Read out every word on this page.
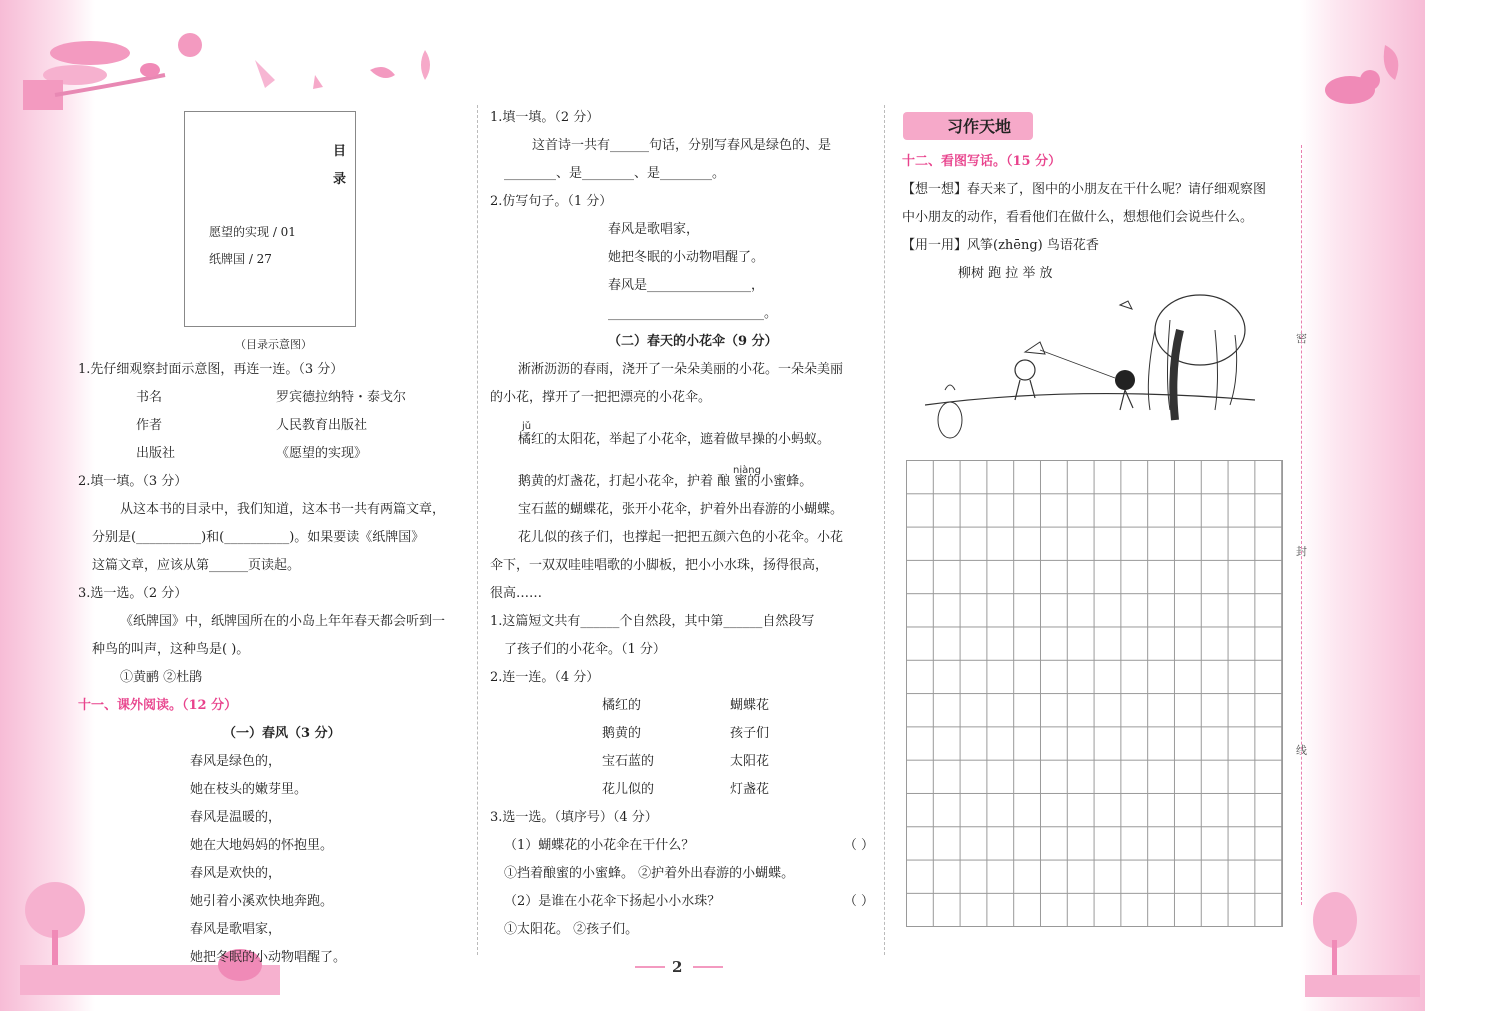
目
录
愿望的实现 / 01
纸牌国 / 27
（目录示意图）
1.先仔细观察封面示意图，再连一连。（3 分）
书名	罗宾德拉纳特・泰戈尔
作者	人民教育出版社
出版社	《愿望的实现》
2.填一填。（3 分）
从这本书的目录中，我们知道，这本书一共有两篇文章，
分别是(__________)和(__________)。如果要读《纸牌国》
这篇文章，应该从第______页读起。
3.选一选。（2 分）
《纸牌国》中，纸牌国所在的小岛上年年春天都会听到一
种鸟的叫声，这种鸟是( )。
①黄鹂 ②杜鹃
十一、课外阅读。（12 分）
（一）春风（3 分）
春风是绿色的，
她在枝头的嫩芽里。
春风是温暖的，
她在大地妈妈的怀抱里。
春风是欢快的，
她引着小溪欢快地奔跑。
春风是歌唱家，
她把冬眠的小动物唱醒了。
1.填一填。（2 分）
这首诗一共有______句话，分别写春风是绿色的、是
________、是________、是________。
2.仿写句子。（1 分）
春风是歌唱家，
她把冬眠的小动物唱醒了。
春风是________________，
________________________。
（二）春天的小花伞（9 分）
淅淅沥沥的春雨，浇开了一朵朵美丽的小花。一朵朵美丽
的小花，撑开了一把把漂亮的小花伞。
橘红的太阳花，举起了小花伞，遮着做早操的小蚂蚁。
鹅黄的灯盏花，打起小花伞，护着 酿 蜜的小蜜蜂。
宝石蓝的蝴蝶花，张开小花伞，护着外出春游的小蝴蝶。
花儿似的孩子们，也撑起一把把五颜六色的小花伞。小花
伞下，一双双哇哇唱歌的小脚板，把小小水珠，扬得很高，
很高……
1.这篇短文共有______个自然段，其中第______自然段写
了孩子们的小花伞。（1 分）
2.连一连。（4 分）
橘红的	蝴蝶花
鹅黄的	孩子们
宝石蓝的	太阳花
花儿似的	灯盏花
3.选一选。（填序号）（4 分）
（1）蝴蝶花的小花伞在干什么？	（ ）
①挡着酿蜜的小蜜蜂。 ②护着外出春游的小蝴蝶。
（2）是谁在小花伞下扬起小小水珠？	（ ）
①太阳花。 ②孩子们。
jǔ
niàng
习作天地
十二、看图写话。（15 分）
【想一想】春天来了，图中的小朋友在干什么呢？请仔细观察图
中小朋友的动作，看看他们在做什么，想想他们会说些什么。
【用一用】风筝(zhēng) 鸟语花香
柳树 跑 拉 举 放
密
封
线
2
